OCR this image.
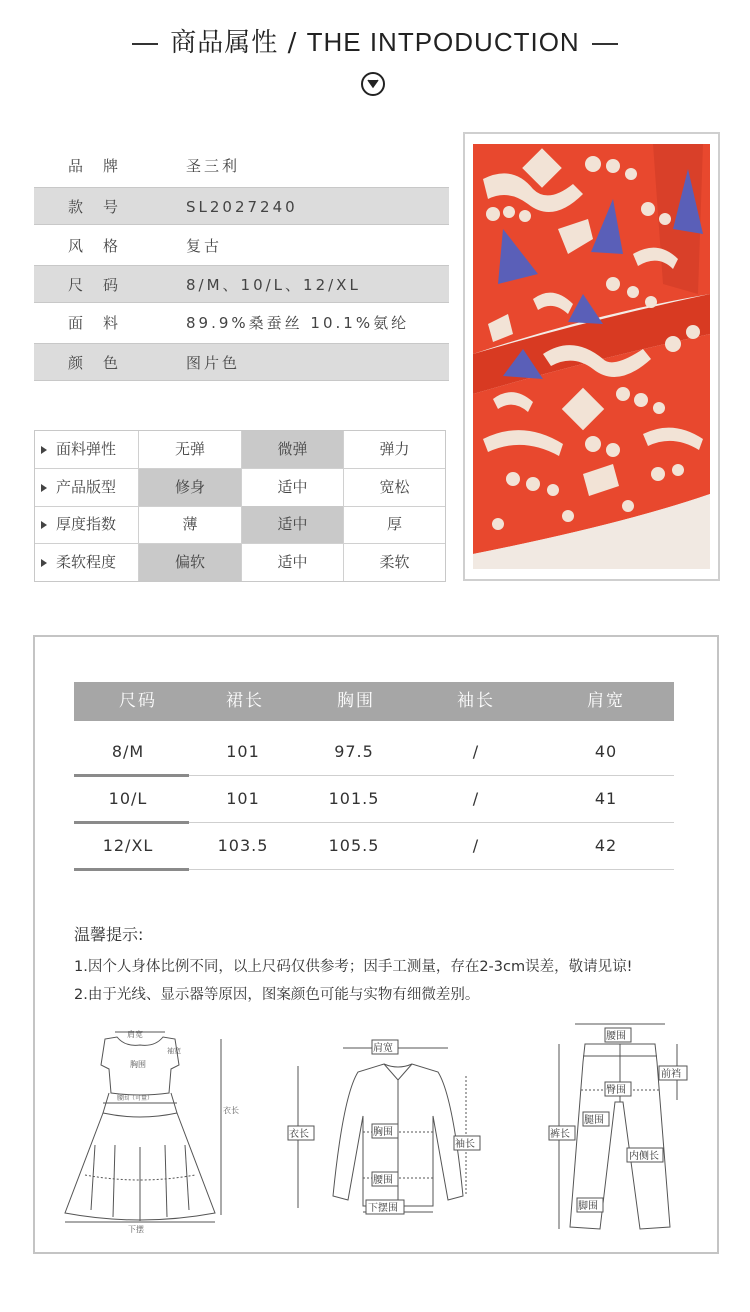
商品属性 / THE INTPODUCTION
品牌	圣三利
款号	SL2027240
风格	复古
尺码	8/M、10/L、12/XL
面料	89.9%桑蚕丝 10.1%氨纶
颜色	图片色
面料弹性	无弹	微弹	弹力
产品版型	修身	适中	宽松
厚度指数	薄	适中	厚
柔软程度	偏软	适中	柔软
尺码	裙长	胸围	袖长	肩宽
8/M	101	97.5	/	40
10/L	101	101.5	/	41
12/XL	103.5	105.5	/	42
温馨提示:
1.因个人身体比例不同，以上尺码仅供参考；因手工测量，存在2-3cm误差，敬请见谅!
2.由于光线、显示器等原因，图案颜色可能与实物有细微差别。
肩宽
胸围
袖宽
腰围（可量）
衣长
下摆
肩宽
衣长	胸围
袖长
腰围
下摆围
腰围
前裆
臀围
腿围
裤长
内侧长
脚围
